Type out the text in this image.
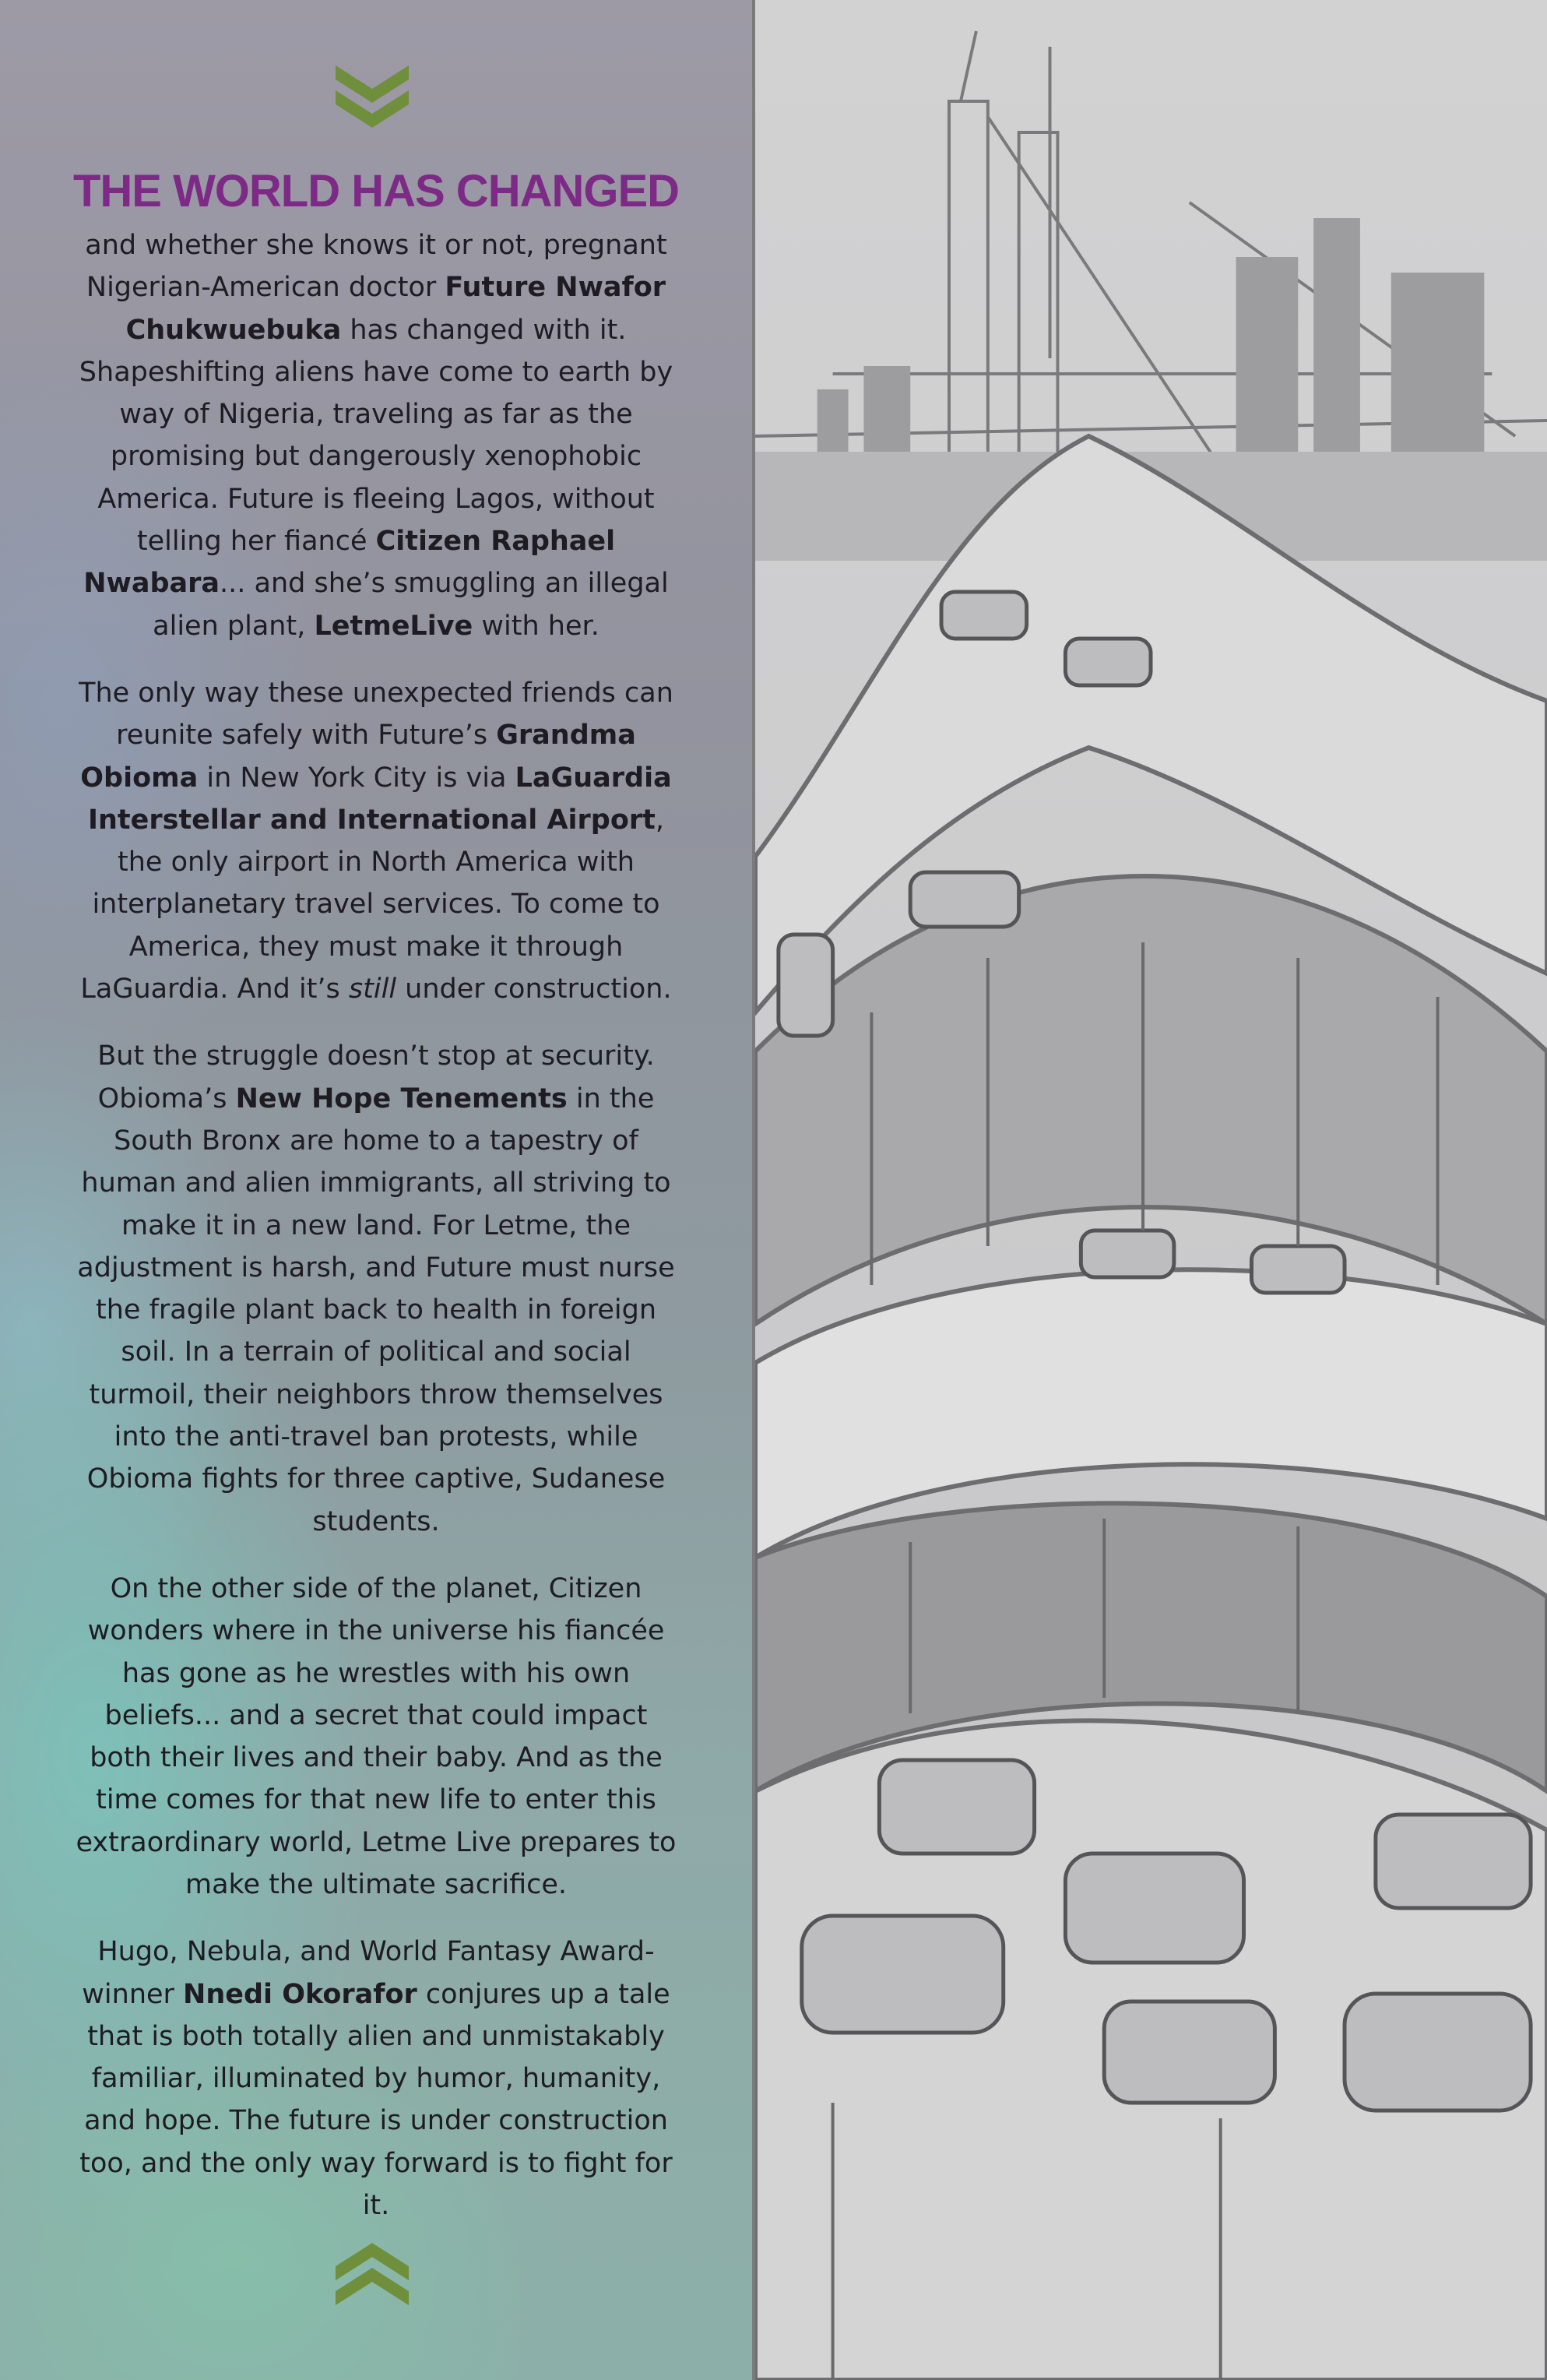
THE WORLD HAS CHANGED

and whether she knows it or not, pregnant Nigerian-American doctor Future Nwafor Chukwuebuka has changed with it. Shapeshifting aliens have come to earth by way of Nigeria, traveling as far as the promising but dangerously xenophobic America. Future is fleeing Lagos, without telling her fiancé Citizen Raphael Nwabara... and she’s smuggling an illegal alien plant, LetmeLive with her.

The only way these unexpected friends can reunite safely with Future’s Grandma Obioma in New York City is via LaGuardia Interstellar and International Airport, the only airport in North America with interplanetary travel services. To come to America, they must make it through LaGuardia. And it’s still under construction.

But the struggle doesn’t stop at security. Obioma’s New Hope Tenements in the South Bronx are home to a tapestry of human and alien immigrants, all striving to make it in a new land. For Letme, the adjustment is harsh, and Future must nurse the fragile plant back to health in foreign soil. In a terrain of political and social turmoil, their neighbors throw themselves into the anti-travel ban protests, while Obioma fights for three captive, Sudanese students.

On the other side of the planet, Citizen wonders where in the universe his fiancée has gone as he wrestles with his own beliefs... and a secret that could impact both their lives and their baby. And as the time comes for that new life to enter this extraordinary world, Letme Live prepares to make the ultimate sacrifice.

Hugo, Nebula, and World Fantasy Award-winner Nnedi Okorafor conjures up a tale that is both totally alien and unmistakably familiar, illuminated by humor, humanity, and hope. The future is under construction too, and the only way forward is to fight for it.
